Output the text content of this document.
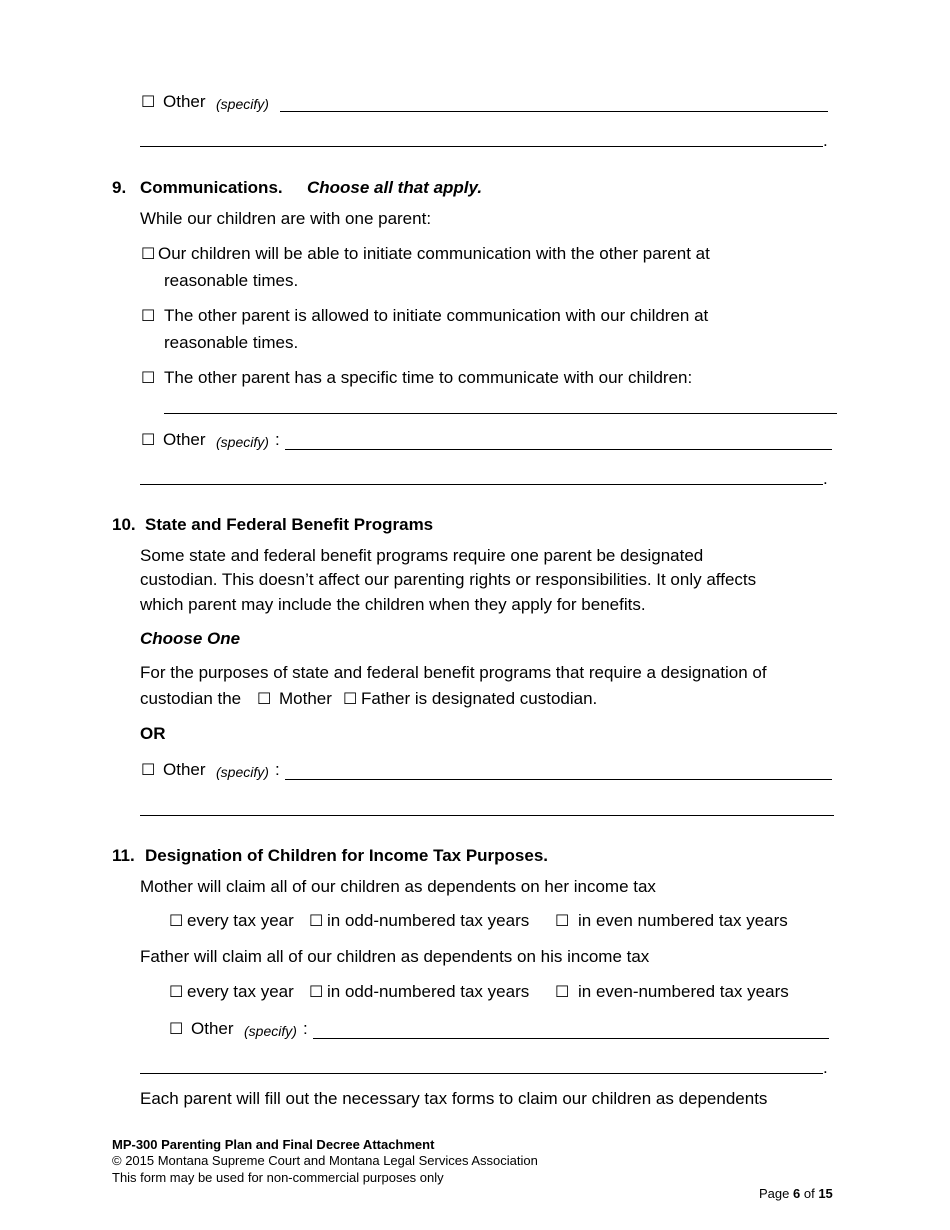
☐ Other (specify)
.
9. Communications. Choose all that apply.
While our children are with one parent:
☐ Our children will be able to initiate communication with the other parent at
reasonable times.
☐ The other parent is allowed to initiate communication with our children at
reasonable times.
☐ The other parent has a specific time to communicate with our children:
☐ Other (specify) :
.
10. State and Federal Benefit Programs
Some state and federal benefit programs require one parent be designated
custodian. This doesn’t affect our parenting rights or responsibilities. It only affects
which parent may include the children when they apply for benefits.
Choose One
For the purposes of state and federal benefit programs that require a designation of
custodian the ☐ Mother ☐ Father is designated custodian.
OR
☐ Other (specify) :
11. Designation of Children for Income Tax Purposes.
Mother will claim all of our children as dependents on her income tax
☐ every tax year ☐ in odd-numbered tax years ☐ in even numbered tax years
Father will claim all of our children as dependents on his income tax
☐ every tax year ☐ in odd-numbered tax years ☐ in even-numbered tax years
☐ Other (specify) :
.
Each parent will fill out the necessary tax forms to claim our children as dependents
MP-300 Parenting Plan and Final Decree Attachment
© 2015 Montana Supreme Court and Montana Legal Services Association
This form may be used for non-commercial purposes only
Page 6 of 15
